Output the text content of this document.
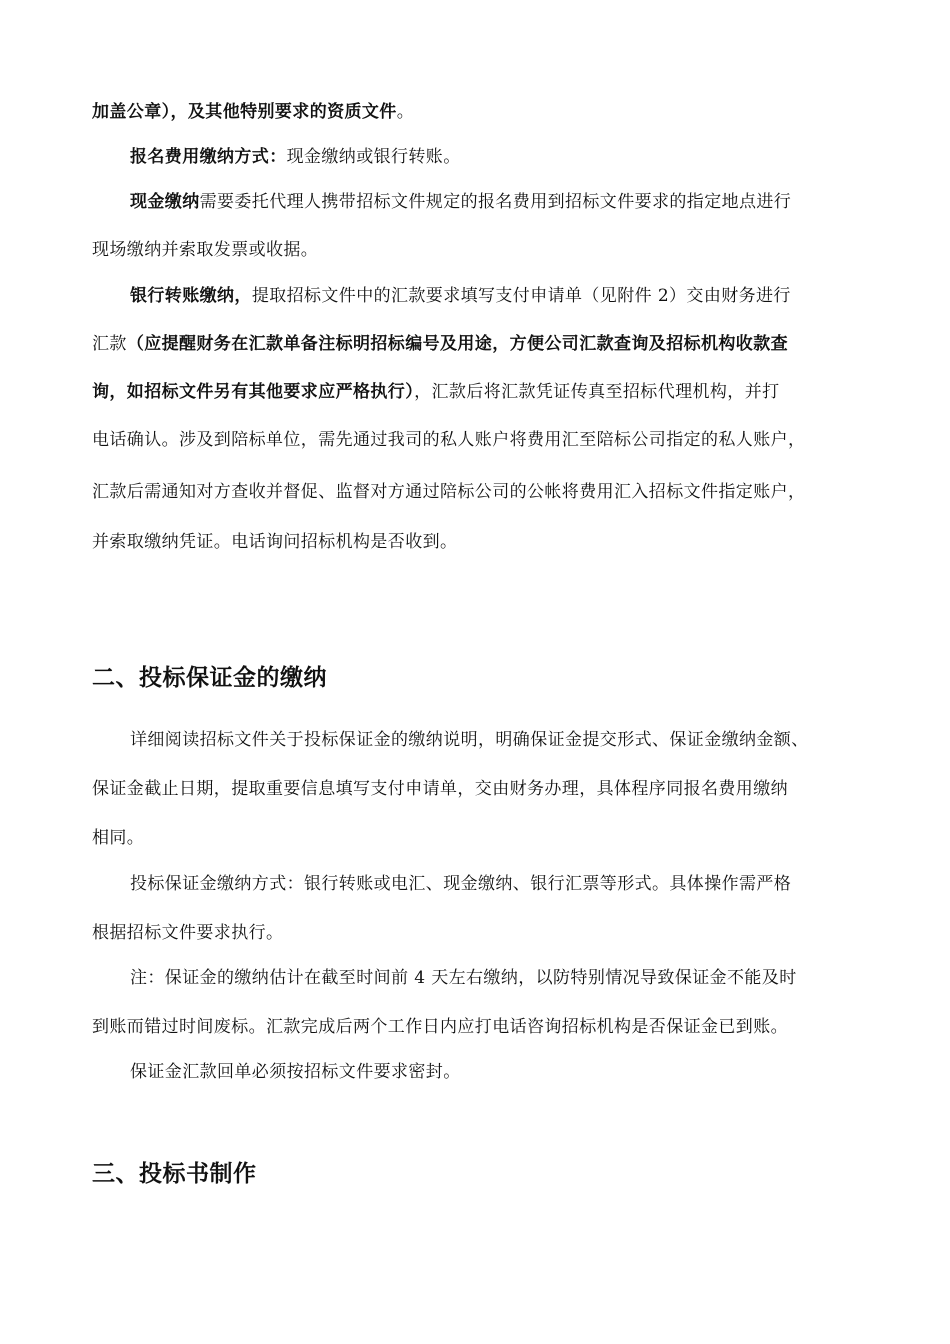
加盖公章），及其他特别要求的资质文件。
报名费用缴纳方式：现金缴纳或银行转账。
现金缴纳需要委托代理人携带招标文件规定的报名费用到招标文件要求的指定地点进行
现场缴纳并索取发票或收据。
银行转账缴纳，提取招标文件中的汇款要求填写支付申请单（见附件 2）交由财务进行
汇款（应提醒财务在汇款单备注标明招标编号及用途，方便公司汇款查询及招标机构收款查
询，如招标文件另有其他要求应严格执行），汇款后将汇款凭证传真至招标代理机构，并打
电话确认。涉及到陪标单位，需先通过我司的私人账户将费用汇至陪标公司指定的私人账户，
汇款后需通知对方查收并督促、监督对方通过陪标公司的公帐将费用汇入招标文件指定账户，
并索取缴纳凭证。电话询问招标机构是否收到。
二、投标保证金的缴纳
详细阅读招标文件关于投标保证金的缴纳说明，明确保证金提交形式、保证金缴纳金额、
保证金截止日期，提取重要信息填写支付申请单，交由财务办理，具体程序同报名费用缴纳
相同。
投标保证金缴纳方式：银行转账或电汇、现金缴纳、银行汇票等形式。具体操作需严格
根据招标文件要求执行。
注：保证金的缴纳估计在截至时间前 4 天左右缴纳，以防特别情况导致保证金不能及时
到账而错过时间废标。汇款完成后两个工作日内应打电话咨询招标机构是否保证金已到账。
保证金汇款回单必须按招标文件要求密封。
三、投标书制作
